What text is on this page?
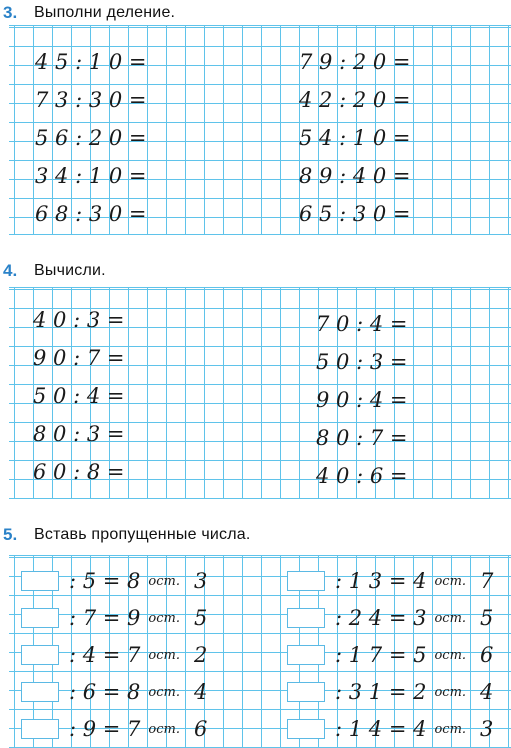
3.	Выполни деление.
4 5 : 1 0 =
7 3 : 3 0 =
5 6 : 2 0 =
3 4 : 1 0 =
6 8 : 3 0 =
7 9 : 2 0 =
4 2 : 2 0 =
5 4 : 1 0 =
8 9 : 4 0 =
6 5 : 3 0 =
4.	Вычисли.
4 0 : 3 =
9 0 : 7 =
5 0 : 4 =
8 0 : 3 =
6 0 : 8 =
7 0 : 4 =
5 0 : 3 =
9 0 : 4 =
8 0 : 7 =
4 0 : 6 =
5.	Вставь пропущенные числа.
: 5 = 8 ост. 3
: 7 = 9 ост. 5
: 4 = 7 ост. 2
: 6 = 8 ост. 4
: 9 = 7 ост. 6
: 1 3 = 4 ост. 7
: 2 4 = 3 ост. 5
: 1 7 = 5 ост. 6
: 3 1 = 2 ост. 4
: 1 4 = 4 ост. 3
